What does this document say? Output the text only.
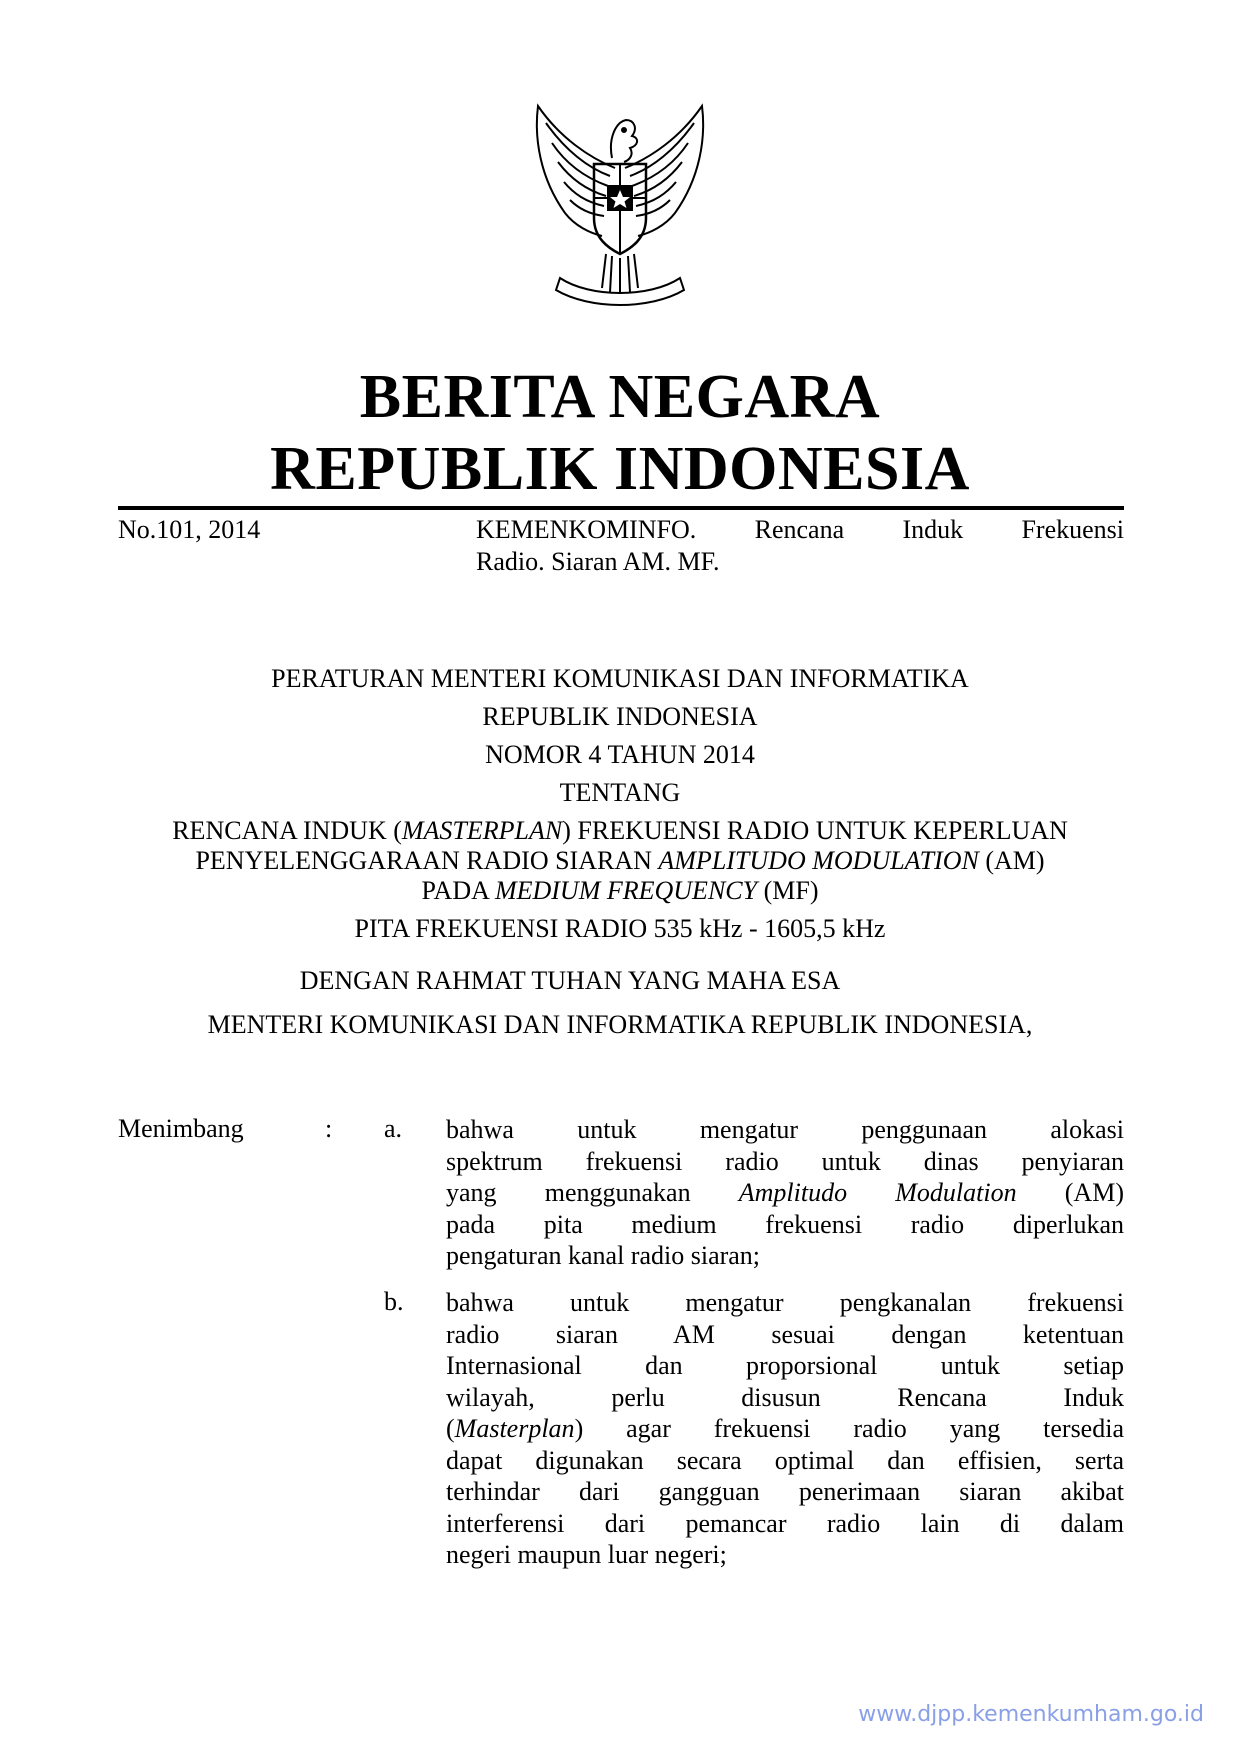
BERITA NEGARA
REPUBLIK INDONESIA
No.101, 2014	KEMENKOMINFO. Rencana Induk Frekuensi
Radio. Siaran AM. MF.
PERATURAN MENTERI KOMUNIKASI DAN INFORMATIKA
REPUBLIK INDONESIA
NOMOR 4 TAHUN 2014
TENTANG
RENCANA INDUK (MASTERPLAN) FREKUENSI RADIO UNTUK KEPERLUAN
PENYELENGGARAAN RADIO SIARAN AMPLITUDO MODULATION (AM)
PADA MEDIUM FREQUENCY (MF)
PITA FREKUENSI RADIO 535 kHz - 1605,5 kHz
DENGAN RAHMAT TUHAN YANG MAHA ESA
MENTERI KOMUNIKASI DAN INFORMATIKA REPUBLIK INDONESIA,
Menimbang	: a. bahwa untuk mengatur penggunaan alokasi
spektrum frekuensi radio untuk dinas penyiaran
yang menggunakan Amplitudo Modulation (AM)
pada pita medium frekuensi radio diperlukan
pengaturan kanal radio siaran;
b. bahwa untuk mengatur pengkanalan frekuensi
radio siaran AM sesuai dengan ketentuan
Internasional dan proporsional untuk setiap
wilayah, perlu disusun Rencana Induk
(Masterplan) agar frekuensi radio yang tersedia
dapat digunakan secara optimal dan effisien, serta
terhindar dari gangguan penerimaan siaran akibat
interferensi dari pemancar radio lain di dalam
negeri maupun luar negeri;
www.djpp.kemenkumham.go.id
